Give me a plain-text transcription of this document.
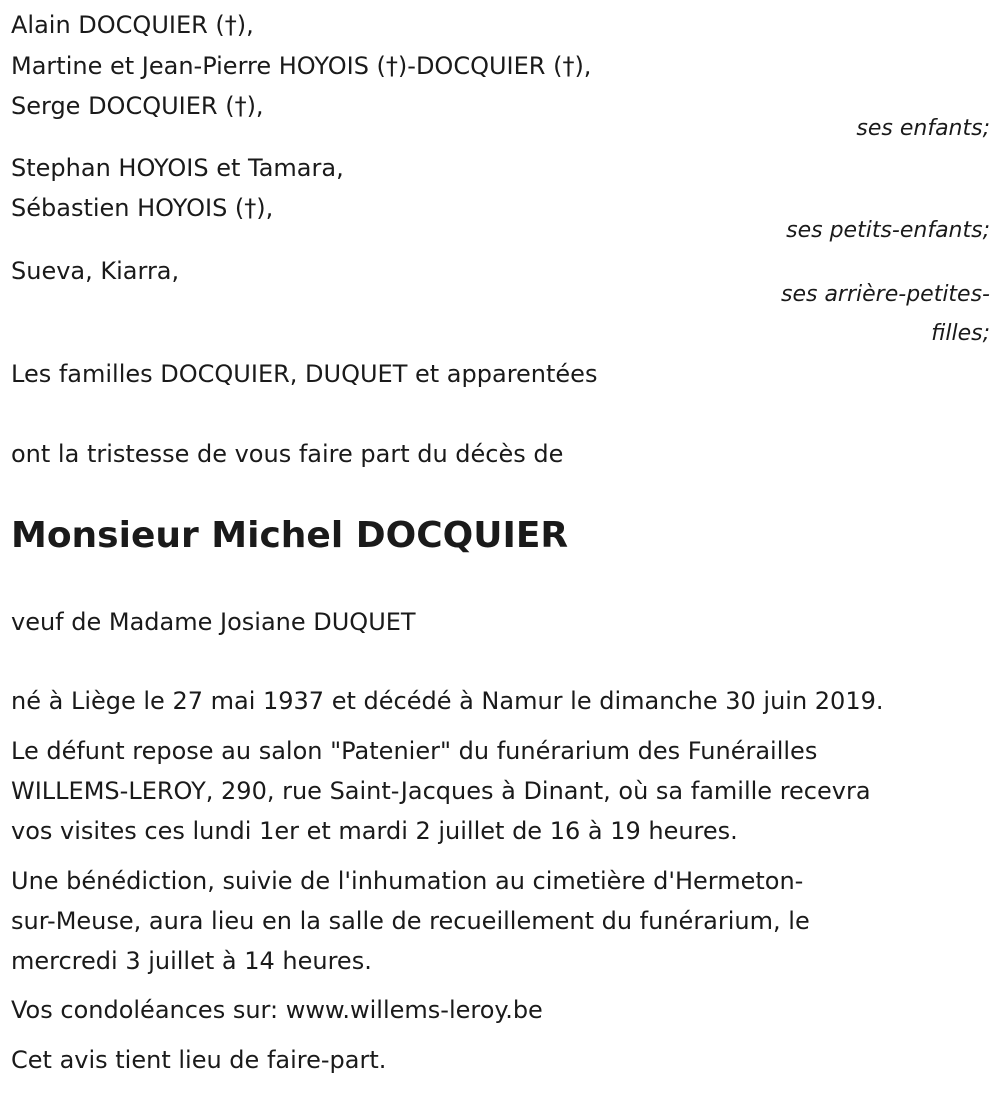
Alain DOCQUIER (†),
Martine et Jean-Pierre HOYOIS (†)-DOCQUIER (†),
Serge DOCQUIER (†),
ses enfants;
Stephan HOYOIS et Tamara,
Sébastien HOYOIS (†),
ses petits-enfants;
Sueva, Kiarra,
ses arrière-petites-
filles;
Les familles DOCQUIER, DUQUET et apparentées
ont la tristesse de vous faire part du décès de
Monsieur Michel DOCQUIER
veuf de Madame Josiane DUQUET
né à Liège le 27 mai 1937 et décédé à Namur le dimanche 30 juin 2019.
Le défunt repose au salon "Patenier" du funérarium des Funérailles
WILLEMS-LEROY, 290, rue Saint-Jacques à Dinant, où sa famille recevra
vos visites ces lundi 1er et mardi 2 juillet de 16 à 19 heures.
Une bénédiction, suivie de l'inhumation au cimetière d'Hermeton-
sur-Meuse, aura lieu en la salle de recueillement du funérarium, le
mercredi 3 juillet à 14 heures.
Vos condoléances sur: www.willems-leroy.be
Cet avis tient lieu de faire-part.
